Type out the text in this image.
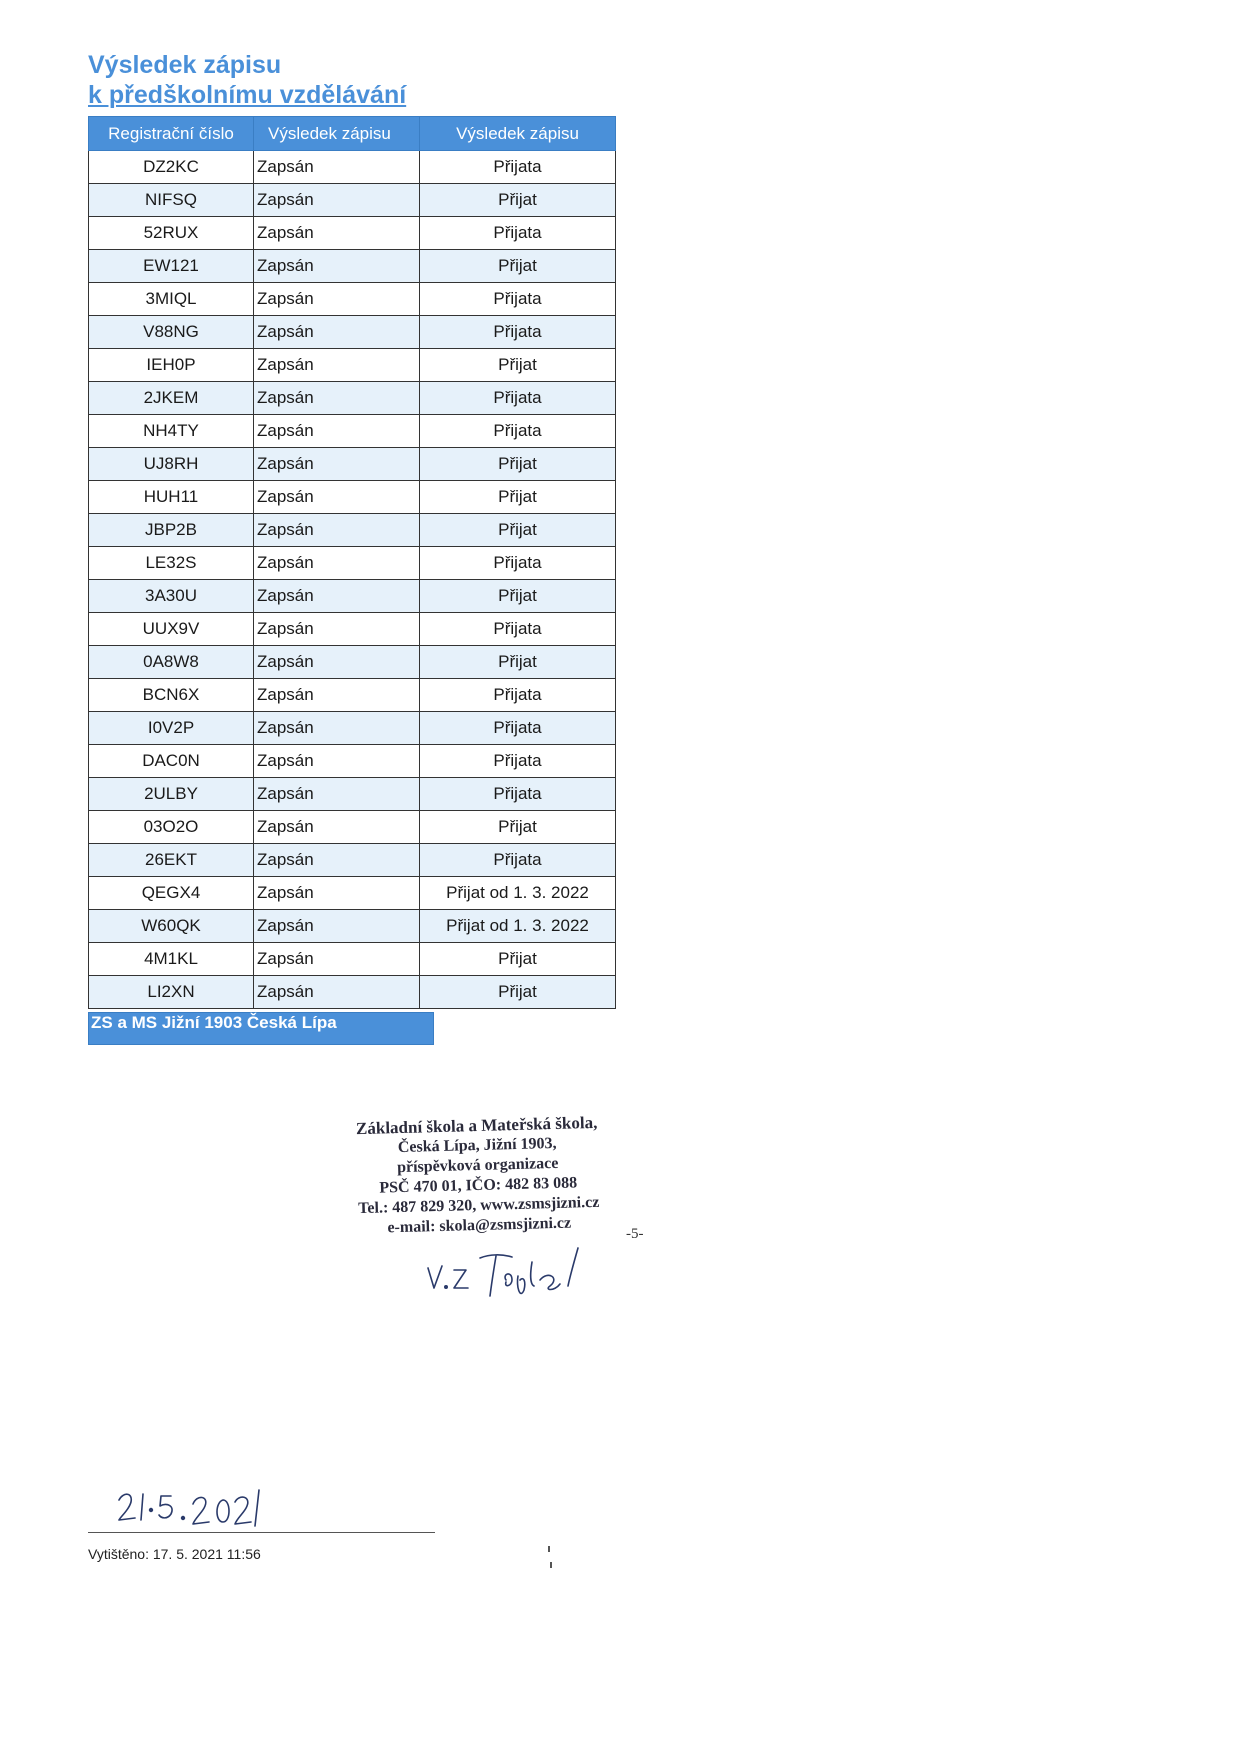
Výsledek zápisu
k předškolnímu vzdělávání
Registrační číslo	Výsledek zápisu	Výsledek zápisu
DZ2KC	Zapsán	Přijata
NIFSQ	Zapsán	Přijat
52RUX	Zapsán	Přijata
EW121	Zapsán	Přijat
3MIQL	Zapsán	Přijata
V88NG	Zapsán	Přijata
IEH0P	Zapsán	Přijat
2JKEM	Zapsán	Přijata
NH4TY	Zapsán	Přijata
UJ8RH	Zapsán	Přijat
HUH11	Zapsán	Přijat
JBP2B	Zapsán	Přijat
LE32S	Zapsán	Přijata
3A30U	Zapsán	Přijat
UUX9V	Zapsán	Přijata
0A8W8	Zapsán	Přijat
BCN6X	Zapsán	Přijata
I0V2P	Zapsán	Přijata
DAC0N	Zapsán	Přijata
2ULBY	Zapsán	Přijata
03O2O	Zapsán	Přijat
26EKT	Zapsán	Přijata
QEGX4	Zapsán	Přijat od 1. 3. 2022
W60QK	Zapsán	Přijat od 1. 3. 2022
4M1KL	Zapsán	Přijat
LI2XN	Zapsán	Přijat
ZS a MS Jižní 1903 Česká Lípa
Základní škola a Mateřská škola,
Česká Lípa, Jižní 1903,
příspěvková organizace
PSČ 470 01, IČO: 482 83 088
Tel.: 487 829 320, www.zsmsjizni.cz
e-mail: skola@zsmsjizni.cz	-5-
Vytištěno: 17. 5. 2021 11:56
